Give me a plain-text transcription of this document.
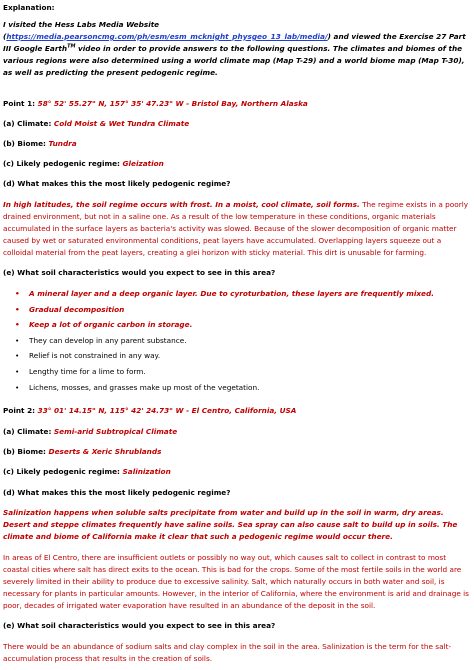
Explanation:

I visited the Hess Labs Media Website (https://media.pearsoncmg.com/ph/esm/esm_mcknight_physgeo_13_lab/media/) and viewed the Exercise 27 Part III Google Earth™ video in order to provide answers to the following questions. The climates and biomes of the various regions were also determined using a world climate map (Map T-29) and a world biome map (Map T-30), as well as predicting the present pedogenic regime.

Point 1: 58° 52' 55.27" N, 157° 35' 47.23" W - Bristol Bay, Northern Alaska

(a) Climate: Cold Moist & Wet Tundra Climate

(b) Biome: Tundra

(c) Likely pedogenic regime: Gleization

(d) What makes this the most likely pedogenic regime?

In high latitudes, the soil regime occurs with frost. In a moist, cool climate, soil forms. The regime exists in a poorly drained environment, but not in a saline one. As a result of the low temperature in these conditions, organic materials accumulated in the surface layers as bacteria's activity was slowed. Because of the slower decomposition of organic matter caused by wet or saturated environmental conditions, peat layers have accumulated. Overlapping layers squeeze out a colloidal material from the peat layers, creating a glei horizon with sticky material. This dirt is unusable for farming.

(e) What soil characteristics would you expect to see in this area?

• A mineral layer and a deep organic layer. Due to cyroturbation, these layers are frequently mixed.
• Gradual decomposition
• Keep a lot of organic carbon in storage.
• They can develop in any parent substance.
• Relief is not constrained in any way.
• Lengthy time for a lime to form.
• Lichens, mosses, and grasses make up most of the vegetation.

Point 2: 33° 01' 14.15" N, 115° 42' 24.73" W - El Centro, California, USA

(a) Climate: Semi-arid Subtropical Climate

(b) Biome: Deserts & Xeric Shrublands

(c) Likely pedogenic regime: Salinization

(d) What makes this the most likely pedogenic regime?

Salinization happens when soluble salts precipitate from water and build up in the soil in warm, dry areas. Desert and steppe climates frequently have saline soils. Sea spray can also cause salt to build up in soils. The climate and biome of California make it clear that such a pedogenic regime would occur there.

In areas of El Centro, there are insufficient outlets or possibly no way out, which causes salt to collect in contrast to most coastal cities where salt has direct exits to the ocean. This is bad for the crops. Some of the most fertile soils in the world are severely limited in their ability to produce due to excessive salinity. Salt, which naturally occurs in both water and soil, is necessary for plants in particular amounts. However, in the interior of California, where the environment is arid and drainage is poor, decades of irrigated water evaporation have resulted in an abundance of the deposit in the soil.

(e) What soil characteristics would you expect to see in this area?

There would be an abundance of sodium salts and clay complex in the soil in the area. Salinization is the term for the salt-accumulation process that results in the creation of soils.
